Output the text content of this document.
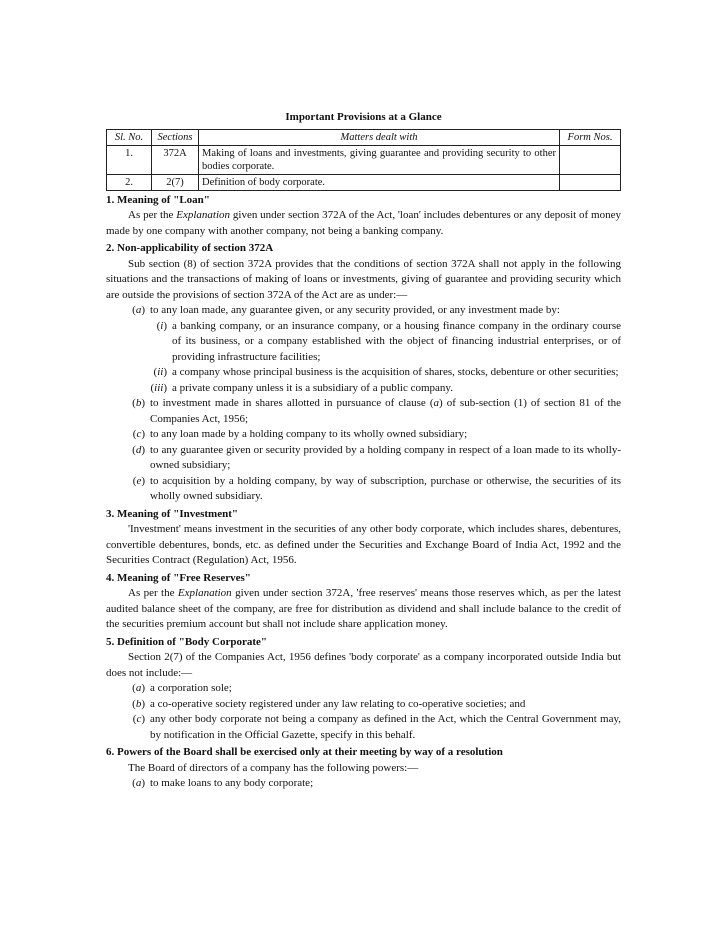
Important Provisions at a Glance
Sl. No.	Sections	Matters dealt with	Form Nos.
1.	372A	Making of loans and investments, giving guarantee and providing security to other bodies corporate.	
2.	2(7)	Definition of body corporate.	
1. Meaning of "Loan"

As per the Explanation given under section 372A of the Act, 'loan' includes debentures or any deposit of money made by one company with another company, not being a banking company.

2. Non-applicability of section 372A

Sub section (8) of section 372A provides that the conditions of section 372A shall not apply in the following situations and the transactions of making of loans or investments, giving of guarantee and providing security which are outside the provisions of section 372A of the Act are as under:—

(a) to any loan made, any guarantee given, or any security provided, or any investment made by:
(i) a banking company, or an insurance company, or a housing finance company in the ordinary course of its business, or a company established with the object of financing industrial enterprises, or of providing infrastructure facilities;
(ii) a company whose principal business is the acquisition of shares, stocks, debenture or other securities;
(iii) a private company unless it is a subsidiary of a public company.
(b) to investment made in shares allotted in pursuance of clause (a) of sub-section (1) of section 81 of the Companies Act, 1956;
(c) to any loan made by a holding company to its wholly owned subsidiary;
(d) to any guarantee given or security provided by a holding company in respect of a loan made to its wholly-owned subsidiary;
(e) to acquisition by a holding company, by way of subscription, purchase or otherwise, the securities of its wholly owned subsidiary.
3. Meaning of "Investment"

'Investment' means investment in the securities of any other body corporate, which includes shares, debentures, convertible debentures, bonds, etc. as defined under the Securities and Exchange Board of India Act, 1992 and the Securities Contract (Regulation) Act, 1956.

4. Meaning of "Free Reserves"

As per the Explanation given under section 372A, 'free reserves' means those reserves which, as per the latest audited balance sheet of the company, are free for distribution as dividend and shall include balance to the credit of the securities premium account but shall not include share application money.

5. Definition of "Body Corporate"

Section 2(7) of the Companies Act, 1956 defines 'body corporate' as a company incorporated outside India but does not include:—

(a) a corporation sole;
(b) a co-operative society registered under any law relating to co-operative societies; and
(c) any other body corporate not being a company as defined in the Act, which the Central Government may, by notification in the Official Gazette, specify in this behalf.
6. Powers of the Board shall be exercised only at their meeting by way of a resolution

The Board of directors of a company has the following powers:—

(a) to make loans to any body corporate;
